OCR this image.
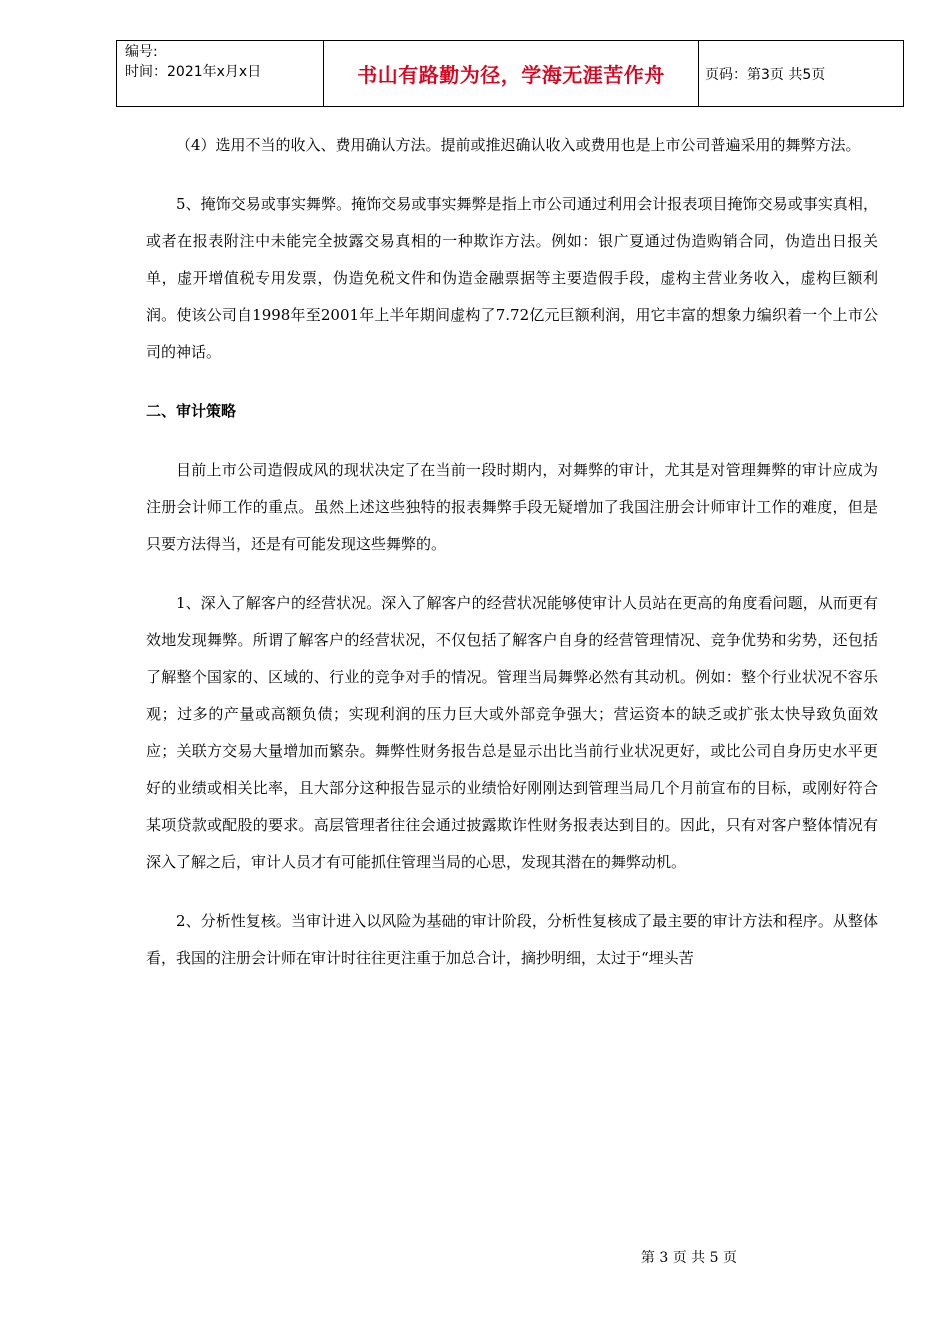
编号:
时间：2021年x月x日	书山有路勤为径，学海无涯苦作舟	页码：第3页 共5页

（4）选用不当的收入、费用确认方法。提前或推迟确认收入或费用也是上市公司普遍采用的舞弊方法。

5、掩饰交易或事实舞弊。掩饰交易或事实舞弊是指上市公司通过利用会计报表项目掩饰交易或事实真相，或者在报表附注中未能完全披露交易真相的一种欺诈方法。例如：银广夏通过伪造购销合同，伪造出日报关单，虚开增值税专用发票，伪造免税文件和伪造金融票据等主要造假手段，虚构主营业务收入，虚构巨额利润。使该公司自1998年至2001年上半年期间虚构了7.72亿元巨额利润，用它丰富的想象力编织着一个上市公司的神话。

二、审计策略

目前上市公司造假成风的现状决定了在当前一段时期内，对舞弊的审计，尤其是对管理舞弊的审计应成为注册会计师工作的重点。虽然上述这些独特的报表舞弊手段无疑增加了我国注册会计师审计工作的难度，但是只要方法得当，还是有可能发现这些舞弊的。

1、深入了解客户的经营状况。深入了解客户的经营状况能够使审计人员站在更高的角度看问题，从而更有效地发现舞弊。所谓了解客户的经营状况，不仅包括了解客户自身的经营管理情况、竞争优势和劣势，还包括了解整个国家的、区域的、行业的竞争对手的情况。管理当局舞弊必然有其动机。例如：整个行业状况不容乐观；过多的产量或高额负债；实现利润的压力巨大或外部竞争强大；营运资本的缺乏或扩张太快导致负面效应；关联方交易大量增加而繁杂。舞弊性财务报告总是显示出比当前行业状况更好，或比公司自身历史水平更好的业绩或相关比率，且大部分这种报告显示的业绩恰好刚刚达到管理当局几个月前宣布的目标，或刚好符合某项贷款或配股的要求。高层管理者往往会通过披露欺诈性财务报表达到目的。因此，只有对客户整体情况有深入了解之后，审计人员才有可能抓住管理当局的心思，发现其潜在的舞弊动机。

2、分析性复核。当审计进入以风险为基础的审计阶段，分析性复核成了最主要的审计方法和程序。从整体看，我国的注册会计师在审计时往往更注重于加总合计，摘抄明细，太过于“埋头苦

第 3 页 共 5 页
